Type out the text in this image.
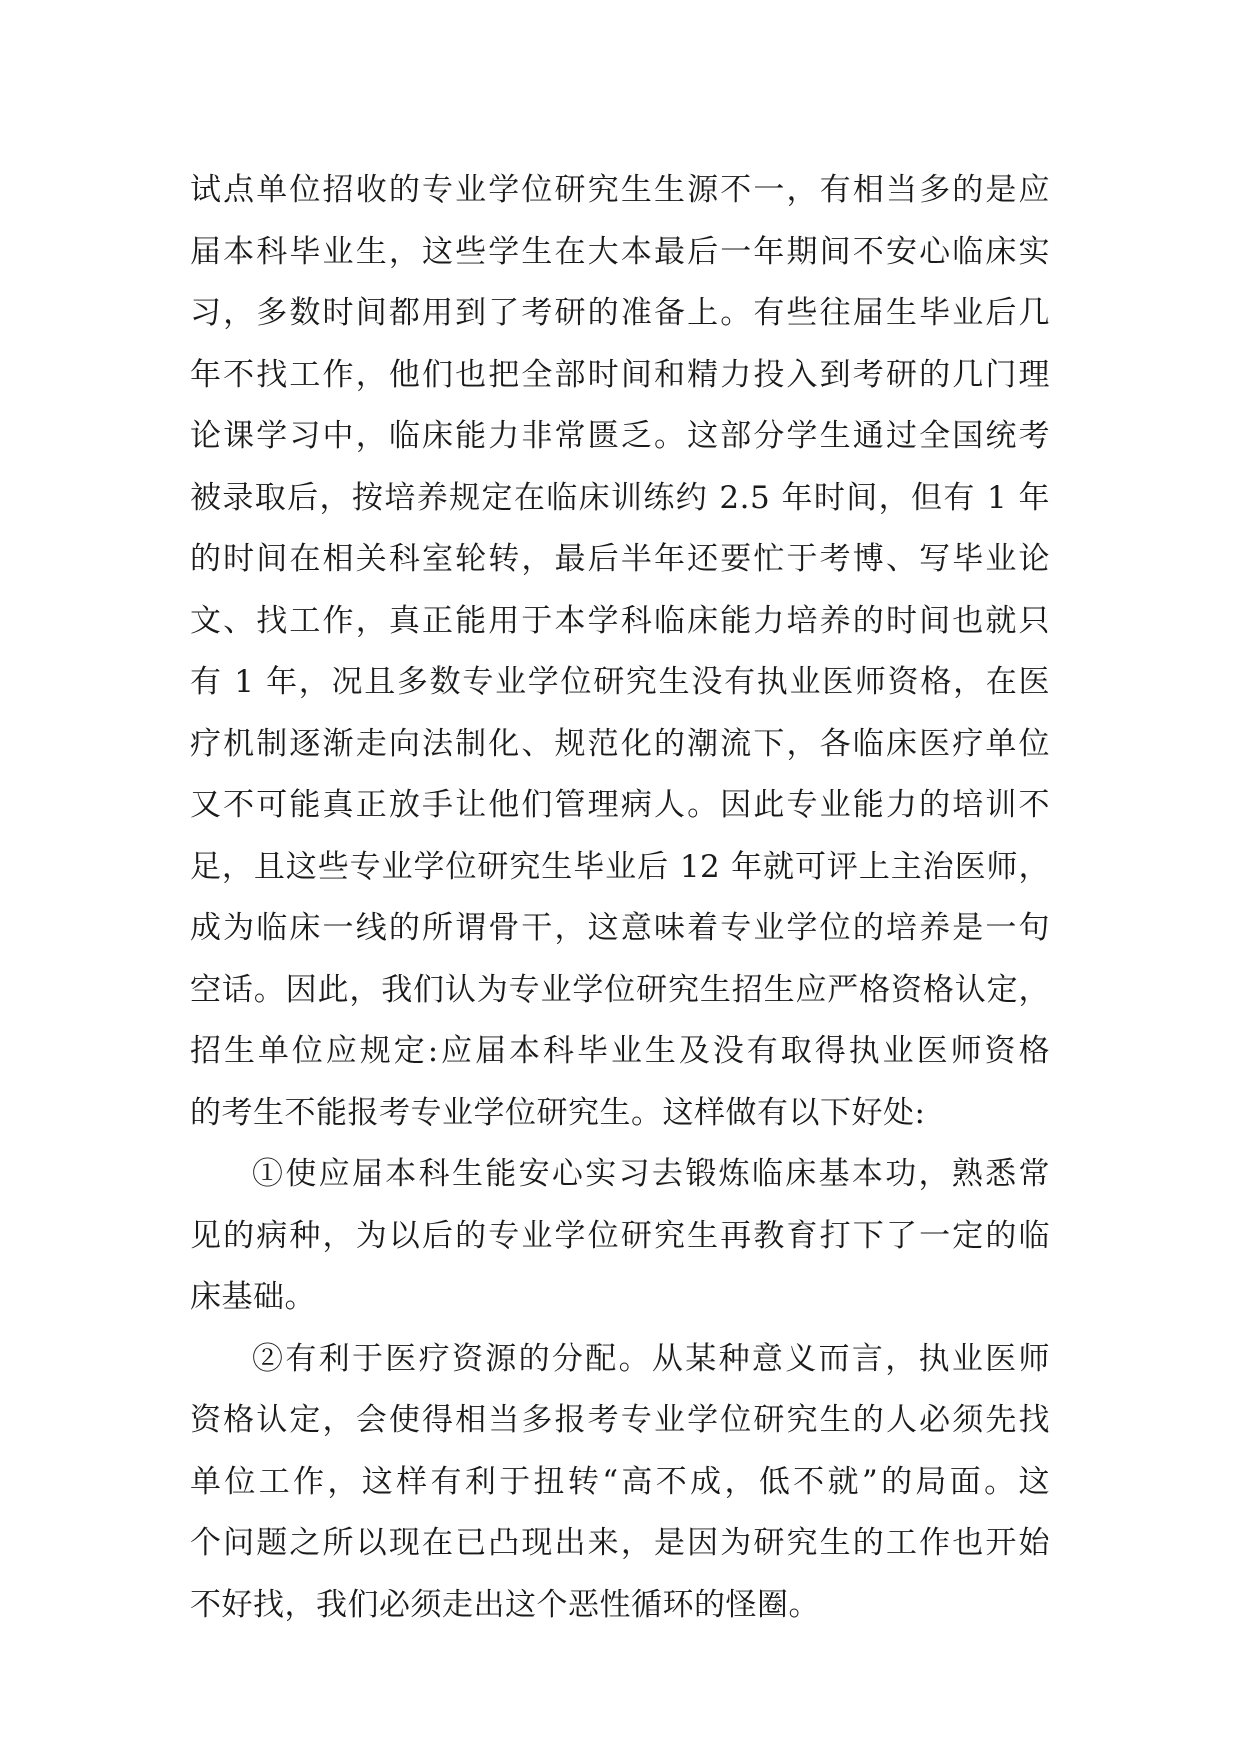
试点单位招收的专业学位研究生生源不一，有相当多的是应
届本科毕业生，这些学生在大本最后一年期间不安心临床实
习，多数时间都用到了考研的准备上。有些往届生毕业后几
年不找工作，他们也把全部时间和精力投入到考研的几门理
论课学习中，临床能力非常匮乏。这部分学生通过全国统考
被录取后，按培养规定在临床训练约 2.5 年时间，但有 1 年
的时间在相关科室轮转，最后半年还要忙于考博、写毕业论
文、找工作，真正能用于本学科临床能力培养的时间也就只
有 1 年，况且多数专业学位研究生没有执业医师资格，在医
疗机制逐渐走向法制化、规范化的潮流下，各临床医疗单位
又不可能真正放手让他们管理病人。因此专业能力的培训不
足，且这些专业学位研究生毕业后 12 年就可评上主治医师，
成为临床一线的所谓骨干，这意味着专业学位的培养是一句
空话。因此，我们认为专业学位研究生招生应严格资格认定，
招生单位应规定:应届本科毕业生及没有取得执业医师资格
的考生不能报考专业学位研究生。这样做有以下好处:
①使应届本科生能安心实习去锻炼临床基本功，熟悉常
见的病种，为以后的专业学位研究生再教育打下了一定的临
床基础。
②有利于医疗资源的分配。从某种意义而言，执业医师
资格认定，会使得相当多报考专业学位研究生的人必须先找
单位工作，这样有利于扭转“高不成，低不就”的局面。这
个问题之所以现在已凸现出来，是因为研究生的工作也开始
不好找，我们必须走出这个恶性循环的怪圈。
